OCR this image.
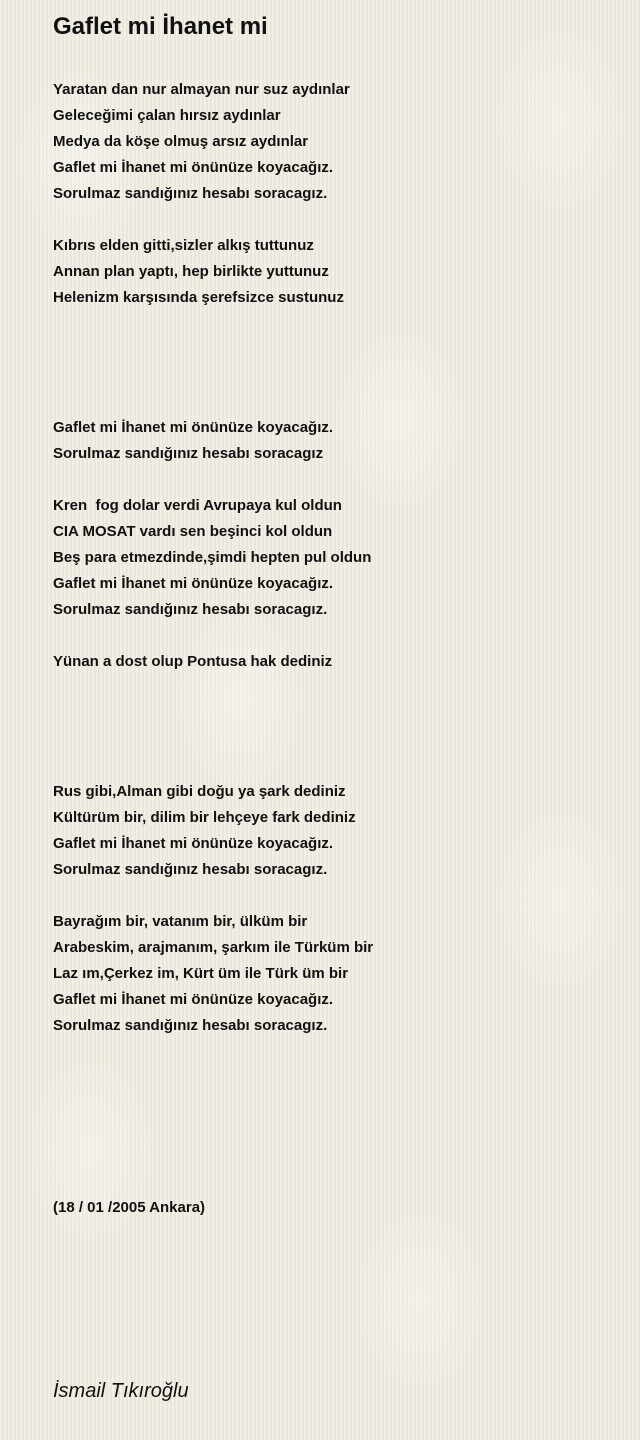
Gaflet mi İhanet mi
Yaratan dan nur almayan nur suz aydınlar
Geleceğimi çalan hırsız aydınlar
Medya da köşe olmuş arsız aydınlar
Gaflet mi İhanet mi önünüze koyacağız.
Sorulmaz sandığınız hesabı soracagız.
Kıbrıs elden gitti,sizler alkış tuttunuz
Annan plan yaptı, hep birlikte yuttunuz
Helenizm karşısında şerefsizce sustunuz
Gaflet mi İhanet mi önünüze koyacağız.
Sorulmaz sandığınız hesabı soracagız
Kren  fog dolar verdi Avrupaya kul oldun
CIA MOSAT vardı sen beşinci kol oldun
Beş para etmezdinde,şimdi hepten pul oldun
Gaflet mi İhanet mi önünüze koyacağız.
Sorulmaz sandığınız hesabı soracagız.
Yünan a dost olup Pontusa hak dediniz
Rus gibi,Alman gibi doğu ya şark dediniz
Kültürüm bir, dilim bir lehçeye fark dediniz
Gaflet mi İhanet mi önünüze koyacağız.
Sorulmaz sandığınız hesabı soracagız.
Bayrağım bir, vatanım bir, ülküm bir
Arabeskim, arajmanım, şarkım ile Türküm bir
Laz ım,Çerkez im, Kürt üm ile Türk üm bir
Gaflet mi İhanet mi önünüze koyacağız.
Sorulmaz sandığınız hesabı soracagız.
(18 / 01 /2005 Ankara)
İsmail Tıkıroğlu
